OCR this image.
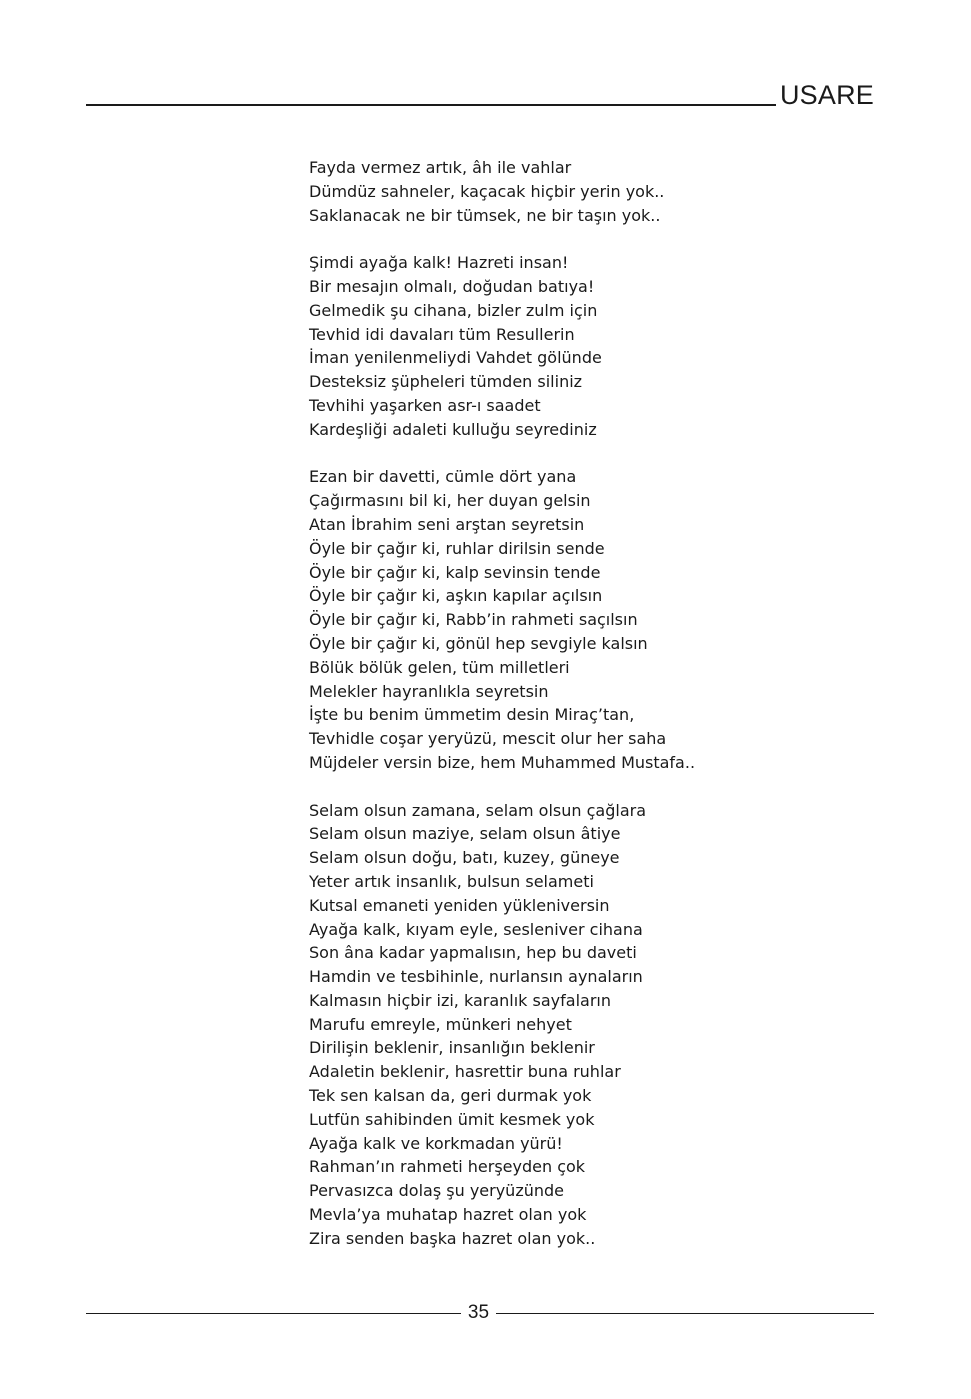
USARE
Fayda vermez artık, âh ile vahlar
Dümdüz sahneler, kaçacak hiçbir yerin yok..
Saklanacak ne bir tümsek, ne bir taşın yok..
Şimdi ayağa kalk! Hazreti insan!
Bir mesajın olmalı, doğudan batıya!
Gelmedik şu cihana, bizler zulm için
Tevhid idi davaları tüm Resullerin
İman yenilenmeliydi Vahdet gölünde
Desteksiz şüpheleri tümden siliniz
Tevhihi yaşarken asr-ı saadet
Kardeşliği adaleti kulluğu seyrediniz
Ezan bir davetti, cümle dört yana
Çağırmasını bil ki, her duyan gelsin
Atan İbrahim seni arştan seyretsin
Öyle bir çağır ki, ruhlar dirilsin sende
Öyle bir çağır ki, kalp sevinsin tende
Öyle bir çağır ki, aşkın kapılar açılsın
Öyle bir çağır ki, Rabb’in rahmeti saçılsın
Öyle bir çağır ki, gönül hep sevgiyle kalsın
Bölük bölük gelen, tüm milletleri
Melekler hayranlıkla seyretsin
İşte bu benim ümmetim desin Miraç’tan,
Tevhidle coşar yeryüzü, mescit olur her saha
Müjdeler versin bize, hem Muhammed Mustafa..
Selam olsun zamana, selam olsun çağlara
Selam olsun maziye, selam olsun âtiye
Selam olsun doğu, batı, kuzey, güneye
Yeter artık insanlık, bulsun selameti
Kutsal emaneti yeniden yükleniversin
Ayağa kalk, kıyam eyle, sesleniver cihana
Son âna kadar yapmalısın, hep bu daveti
Hamdin ve tesbihinle, nurlansın aynaların
Kalmasın hiçbir izi, karanlık sayfaların
Marufu emreyle, münkeri nehyet
Dirilişin beklenir, insanlığın beklenir
Adaletin beklenir, hasrettir buna ruhlar
Tek sen kalsan da, geri durmak yok
Lutfün sahibinden ümit kesmek yok
Ayağa kalk ve korkmadan yürü!
Rahman’ın rahmeti herşeyden çok
Pervasızca dolaş şu yeryüzünde
Mevla’ya muhatap hazret olan yok
Zira senden başka hazret olan yok..
35
